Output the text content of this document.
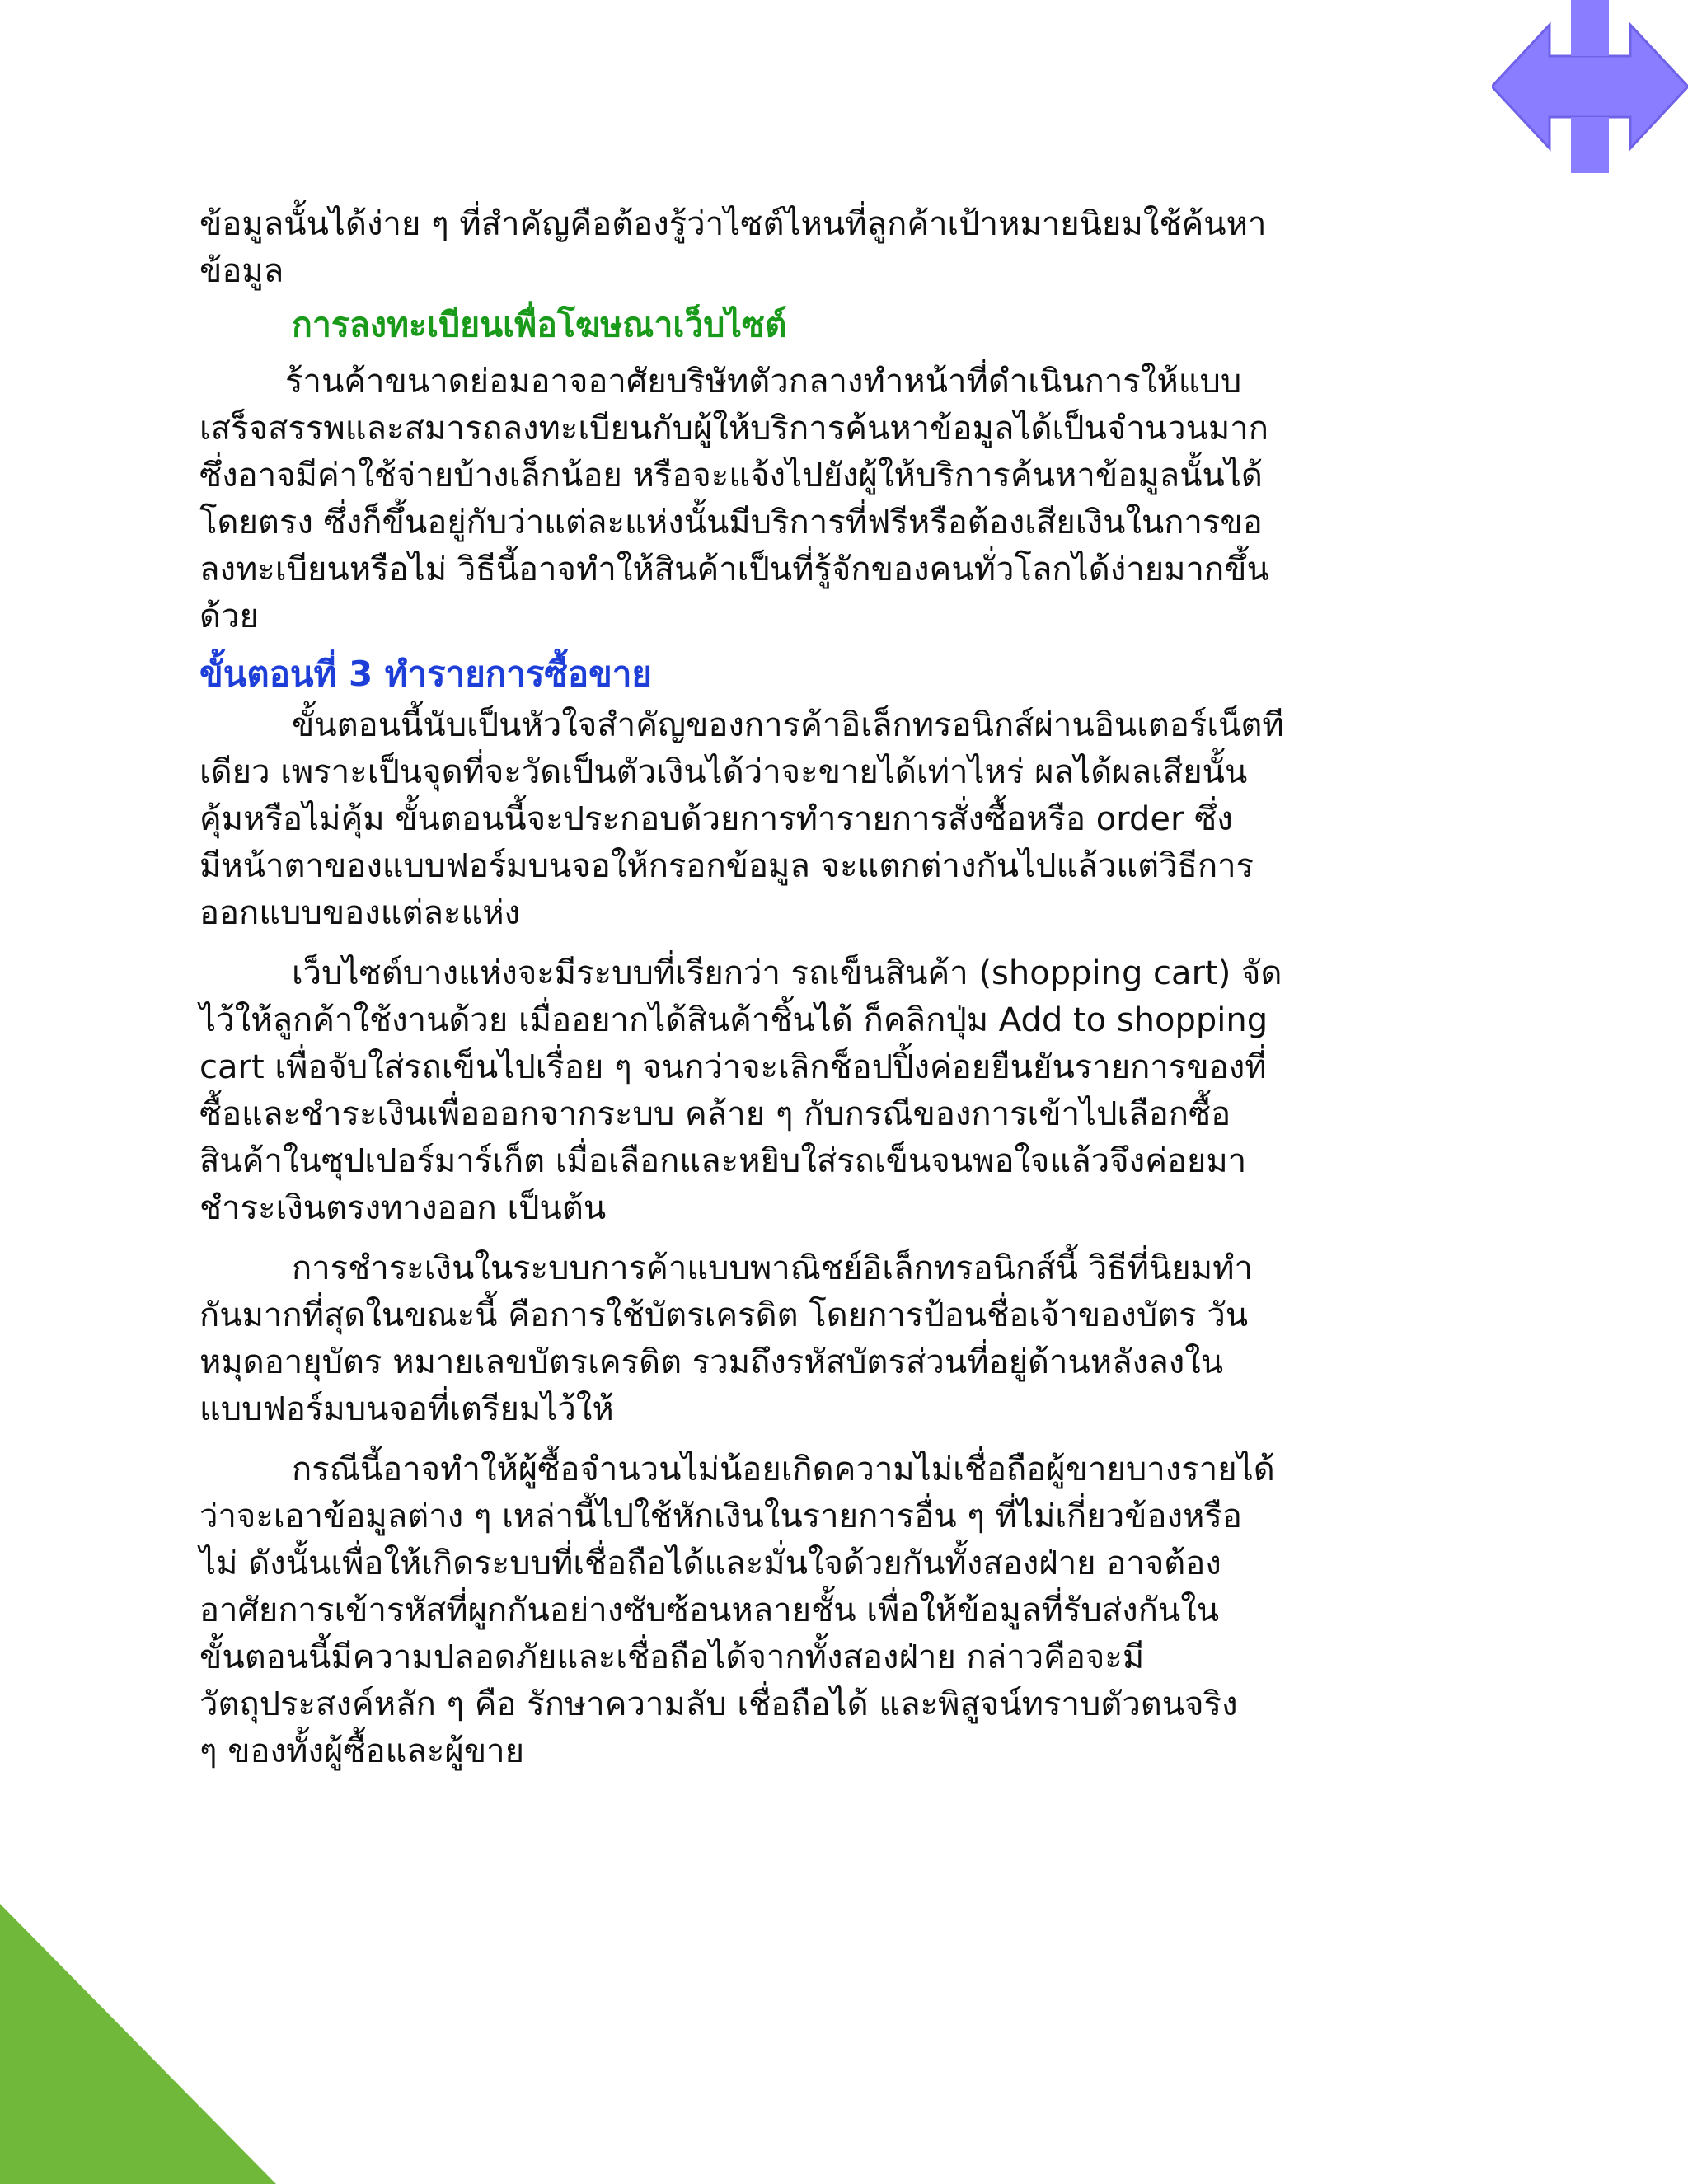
ข้อมูลนั้นได้ง่าย ๆ ที่สำคัญคือต้องรู้ว่าไซต์ไหนที่ลูกค้าเป้าหมายนิยมใช้ค้นหา
ข้อมูล

การลงทะเบียนเพื่อโฆษณาเว็บไซต์

ร้านค้าขนาดย่อมอาจอาศัยบริษัทตัวกลางทำหน้าที่ดำเนินการให้แบบ
เสร็จสรรพและสมารถลงทะเบียนกับผู้ให้บริการค้นหาข้อมูลได้เป็นจำนวนมาก
ซึ่งอาจมีค่าใช้จ่ายบ้างเล็กน้อย หรือจะแจ้งไปยังผู้ให้บริการค้นหาข้อมูลนั้นได้
โดยตรง ซึ่งก็ขึ้นอยู่กับว่าแต่ละแห่งนั้นมีบริการที่ฟรีหรือต้องเสียเงินในการขอ
ลงทะเบียนหรือไม่ วิธีนี้อาจทำให้สินค้าเป็นที่รู้จักของคนทั่วโลกได้ง่ายมากขึ้น
ด้วย

ขั้นตอนที่ 3 ทำรายการซื้อขาย

ขั้นตอนนี้นับเป็นหัวใจสำคัญของการค้าอิเล็กทรอนิกส์ผ่านอินเตอร์เน็ตที
เดียว เพราะเป็นจุดที่จะวัดเป็นตัวเงินได้ว่าจะขายได้เท่าไหร่ ผลได้ผลเสียนั้น
คุ้มหรือไม่คุ้ม ขั้นตอนนี้จะประกอบด้วยการทำรายการสั่งซื้อหรือ order ซึ่ง
มีหน้าตาของแบบฟอร์มบนจอให้กรอกข้อมูล จะแตกต่างกันไปแล้วแต่วิธีการ
ออกแบบของแต่ละแห่ง

เว็บไซต์บางแห่งจะมีระบบที่เรียกว่า รถเข็นสินค้า (shopping cart) จัด
ไว้ให้ลูกค้าใช้งานด้วย เมื่ออยากได้สินค้าชิ้นได้ ก็คลิกปุ่ม Add to shopping
cart เพื่อจับใส่รถเข็นไปเรื่อย ๆ จนกว่าจะเลิกช็อปปิ้งค่อยยืนยันรายการของที่
ซื้อและชำระเงินเพื่อออกจากระบบ คล้าย ๆ กับกรณีของการเข้าไปเลือกซื้อ
สินค้าในซุปเปอร์มาร์เก็ต เมื่อเลือกและหยิบใส่รถเข็นจนพอใจแล้วจึงค่อยมา
ชำระเงินตรงทางออก เป็นต้น

การชำระเงินในระบบการค้าแบบพาณิชย์อิเล็กทรอนิกส์นี้ วิธีที่นิยมทำ
กันมากที่สุดในขณะนี้ คือการใช้บัตรเครดิต โดยการป้อนชื่อเจ้าของบัตร วัน
หมุดอายุบัตร หมายเลขบัตรเครดิต รวมถึงรหัสบัตรส่วนที่อยู่ด้านหลังลงใน
แบบฟอร์มบนจอที่เตรียมไว้ให้

กรณีนี้อาจทำให้ผู้ซื้อจำนวนไม่น้อยเกิดความไม่เชื่อถือผู้ขายบางรายได้
ว่าจะเอาข้อมูลต่าง ๆ เหล่านี้ไปใช้หักเงินในรายการอื่น ๆ ที่ไม่เกี่ยวข้องหรือ
ไม่ ดังนั้นเพื่อให้เกิดระบบที่เชื่อถือได้และมั่นใจด้วยกันทั้งสองฝ่าย อาจต้อง
อาศัยการเข้ารหัสที่ผูกกันอย่างซับซ้อนหลายชั้น เพื่อให้ข้อมูลที่รับส่งกันใน
ขั้นตอนนี้มีความปลอดภัยและเชื่อถือได้จากทั้งสองฝ่าย กล่าวคือจะมี
วัตถุประสงค์หลัก ๆ คือ รักษาความลับ เชื่อถือได้ และพิสูจน์ทราบตัวตนจริง
ๆ ของทั้งผู้ซื้อและผู้ขาย
